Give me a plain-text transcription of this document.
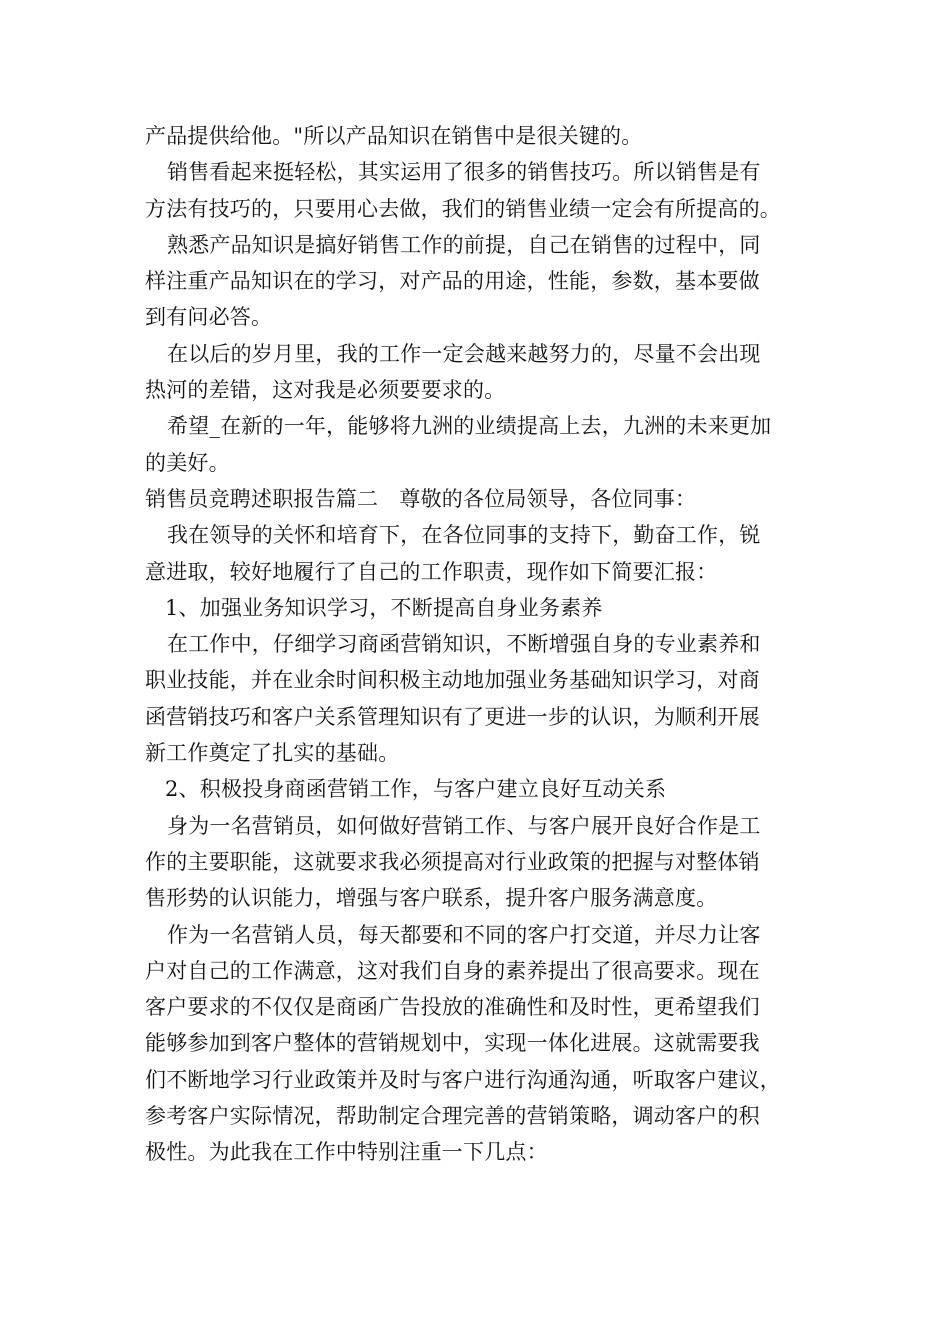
产品提供给他。"所以产品知识在销售中是很关键的。
销售看起来挺轻松，其实运用了很多的销售技巧。所以销售是有
方法有技巧的，只要用心去做，我们的销售业绩一定会有所提高的。
熟悉产品知识是搞好销售工作的前提，自己在销售的过程中，同
样注重产品知识在的学习，对产品的用途，性能，参数，基本要做
到有问必答。
在以后的岁月里，我的工作一定会越来越努力的，尽量不会出现
热河的差错，这对我是必须要要求的。
希望_在新的一年，能够将九洲的业绩提高上去，九洲的未来更加
的美好。
销售员竞聘述职报告篇二　尊敬的各位局领导，各位同事：
我在领导的关怀和培育下，在各位同事的支持下，勤奋工作，锐
意进取，较好地履行了自己的工作职责，现作如下简要汇报：
1、加强业务知识学习，不断提高自身业务素养
在工作中，仔细学习商函营销知识，不断增强自身的专业素养和
职业技能，并在业余时间积极主动地加强业务基础知识学习，对商
函营销技巧和客户关系管理知识有了更进一步的认识，为顺利开展
新工作奠定了扎实的基础。
2、积极投身商函营销工作，与客户建立良好互动关系
身为一名营销员，如何做好营销工作、与客户展开良好合作是工
作的主要职能，这就要求我必须提高对行业政策的把握与对整体销
售形势的认识能力，增强与客户联系，提升客户服务满意度。
作为一名营销人员，每天都要和不同的客户打交道，并尽力让客
户对自己的工作满意，这对我们自身的素养提出了很高要求。现在
客户要求的不仅仅是商函广告投放的准确性和及时性，更希望我们
能够参加到客户整体的营销规划中，实现一体化进展。这就需要我
们不断地学习行业政策并及时与客户进行沟通沟通，听取客户建议，
参考客户实际情况，帮助制定合理完善的营销策略，调动客户的积
极性。为此我在工作中特别注重一下几点：
